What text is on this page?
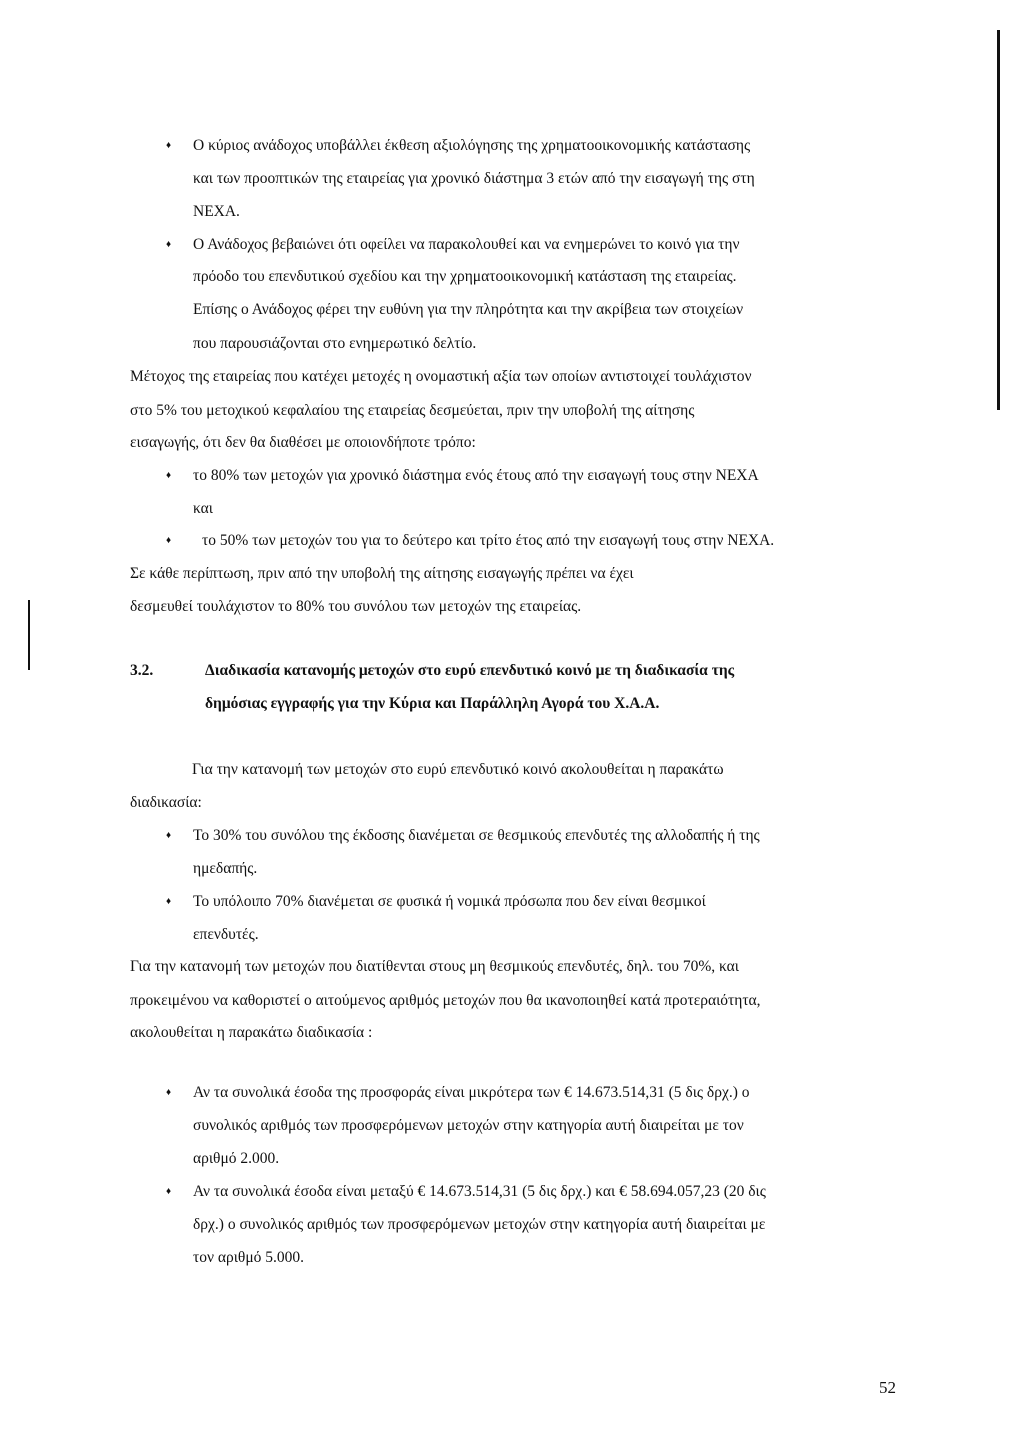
♦ Ο κύριος ανάδοχος υποβάλλει έκθεση αξιολόγησης της χρηματοοικονομικής κατάστασης
και των προοπτικών της εταιρείας για χρονικό διάστημα 3 ετών από την εισαγωγή της στη
ΝΕΧΑ.
♦ Ο Ανάδοχος βεβαιώνει ότι οφείλει να παρακολουθεί και να ενημερώνει το κοινό για την
πρόοδο του επενδυτικού σχεδίου και την χρηματοοικονομική κατάσταση της εταιρείας.
Επίσης ο Ανάδοχος φέρει την ευθύνη για την πληρότητα και την ακρίβεια των στοιχείων
που παρουσιάζονται στο ενημερωτικό δελτίο.
Μέτοχος της εταιρείας που κατέχει μετοχές η ονομαστική αξία των οποίων αντιστοιχεί τουλάχιστον
στο 5% του μετοχικού κεφαλαίου της εταιρείας δεσμεύεται, πριν την υποβολή της αίτησης
εισαγωγής, ότι δεν θα διαθέσει με οποιονδήποτε τρόπο:
♦ το 80% των μετοχών για χρονικό διάστημα ενός έτους από την εισαγωγή τους στην ΝΕΧΑ
και
♦ το 50% των μετοχών του για το δεύτερο και τρίτο έτος από την εισαγωγή τους στην ΝΕΧΑ.
Σε κάθε περίπτωση, πριν από την υποβολή της αίτησης εισαγωγής πρέπει να έχει
δεσμευθεί τουλάχιστον το 80% του συνόλου των μετοχών της εταιρείας.
3.2.	Διαδικασία κατανομής μετοχών στο ευρύ επενδυτικό κοινό με τη διαδικασία της
δημόσιας εγγραφής για την Κύρια και Παράλληλη Αγορά του Χ.Α.Α.
Για την κατανομή των μετοχών στο ευρύ επενδυτικό κοινό ακολουθείται η παρακάτω
διαδικασία:
♦ Το 30% του συνόλου της έκδοσης διανέμεται σε θεσμικούς επενδυτές της αλλοδαπής ή της
ημεδαπής.
♦ Το υπόλοιπο 70% διανέμεται σε φυσικά ή νομικά πρόσωπα που δεν είναι θεσμικοί
επενδυτές.
Για την κατανομή των μετοχών που διατίθενται στους μη θεσμικούς επενδυτές, δηλ. του 70%, και
προκειμένου να καθοριστεί ο αιτούμενος αριθμός μετοχών που θα ικανοποιηθεί κατά προτεραιότητα,
ακολουθείται η παρακάτω διαδικασία :
♦ Αν τα συνολικά έσοδα της προσφοράς είναι μικρότερα των € 14.673.514,31 (5 δις δρχ.) ο
συνολικός αριθμός των προσφερόμενων μετοχών στην κατηγορία αυτή διαιρείται με τον
αριθμό 2.000.
♦ Αν τα συνολικά έσοδα είναι μεταξύ € 14.673.514,31 (5 δις δρχ.) και € 58.694.057,23 (20 δις
δρχ.) ο συνολικός αριθμός των προσφερόμενων μετοχών στην κατηγορία αυτή διαιρείται με
τον αριθμό 5.000.
52
